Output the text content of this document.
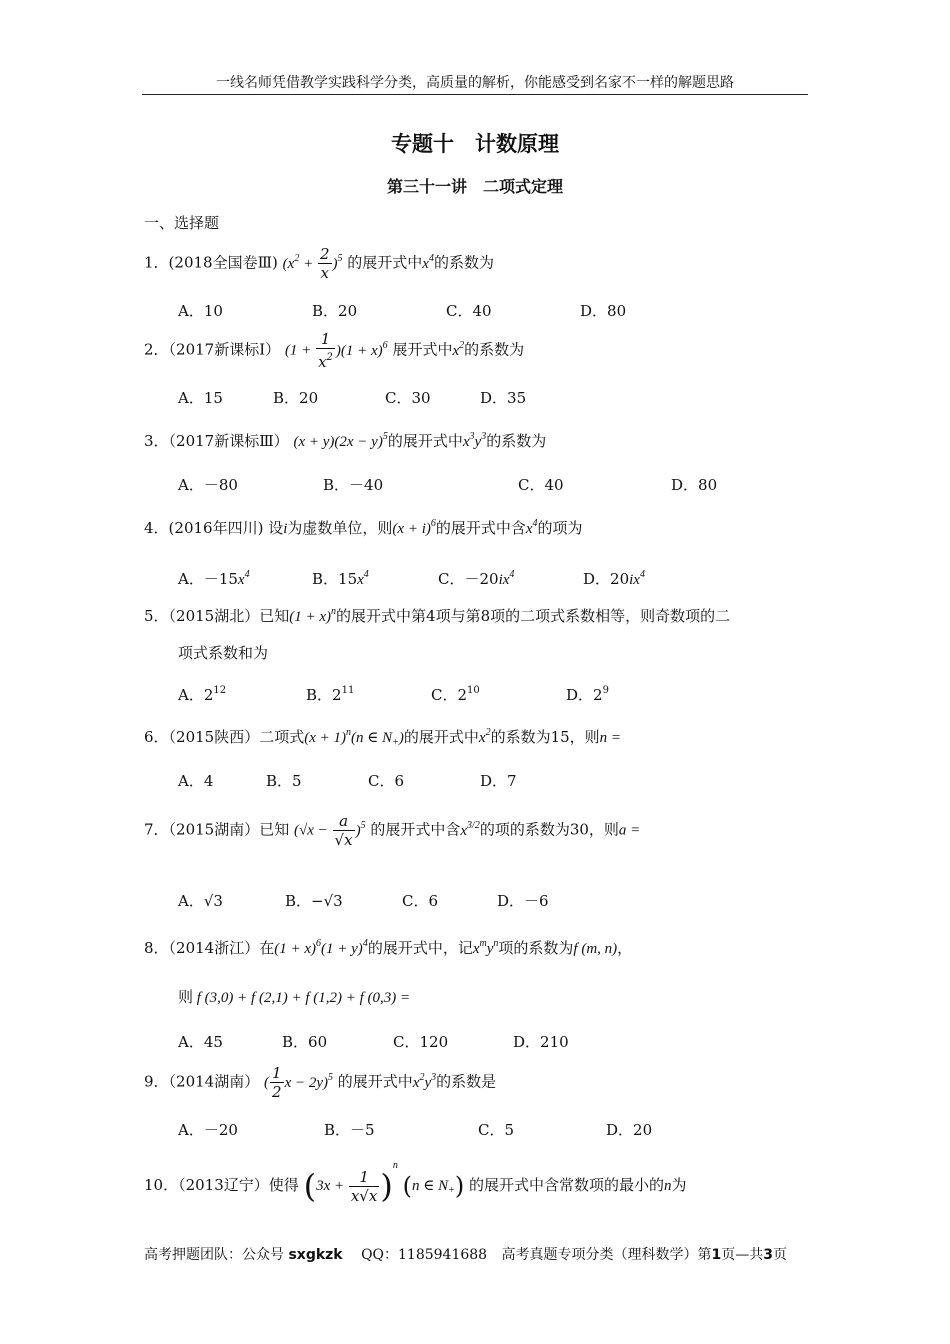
一线名师凭借教学实践科学分类，高质量的解析，你能感受到名家不一样的解题思路
专题十　计数原理
第三十一讲　二项式定理
一、选择题
1．(2018全国卷Ⅲ) $(x^2 + \frac{2}{x} )^5$ 的展开式中$x^4$的系数为
A．10	B．20	C．40	D．80
2．（2017新课标Ⅰ） $(1 + \frac{1}{x^2} )(1 + x)^6$ 展开式中$x^2$的系数为
A．15	B．20	C．30	D．35
3．（2017新课标Ⅲ） $(x + y)(2x - y)^5$的展开式中$x^3y^3$的系数为
A．－80	B．－40	C．40	D．80
4．(2016年四川) 设i为虚数单位，则$(x + i)^6$的展开式中含$x^4$的项为
A．$-15x^4$	B．$15x^4$	C．$-20ix^4$	D．$20ix^4$
5．（2015湖北）已知$(1 + x)^n$的展开式中第4项与第8项的二项式系数相等，则奇数项的二
项式系数和为
A．$2^{12}$	B．$2^{11}$	C．$2^{10}$	D．$2^9$
6．（2015陕西）二项式$(x + 1)^n(n$ ∈ $N_+$)的展开式中$x^2$的系数为15，则n =
A．4	B．5	C．6	D．7
7．（2015湖南）已知 $(√x - \frac{a}{√x} )^5$ 的展开式中含$x^{3/2}$的项的系数为30，则a =
A．√3	B．−√3	C．6	D．－6
8．（2014浙江）在$(1 + x)^6(1 + y)^4$的展开式中，记$x^my^n$项的系数为f (m, n)，
则 f (3,0) + f (2,1) + f (1,2) + f (0,3) =
A．45	B．60	C．120	D．210
9．（2014湖南） ( $\frac{1}{2}$ x − 2y)$^5$ 的展开式中$x^2y^3$的系数是
A．－20	B．－5	C．5	D．20
10．（2013辽宁）使得 $(3x + \frac{1}{x√x} )^n$ (n ∈ $N_+$) 的展开式中含常数项的最小的n为
高考押题团队：公众号 sxgkzk QQ：1185941688 高考真题专项分类（理科数学）第1页—共3页
